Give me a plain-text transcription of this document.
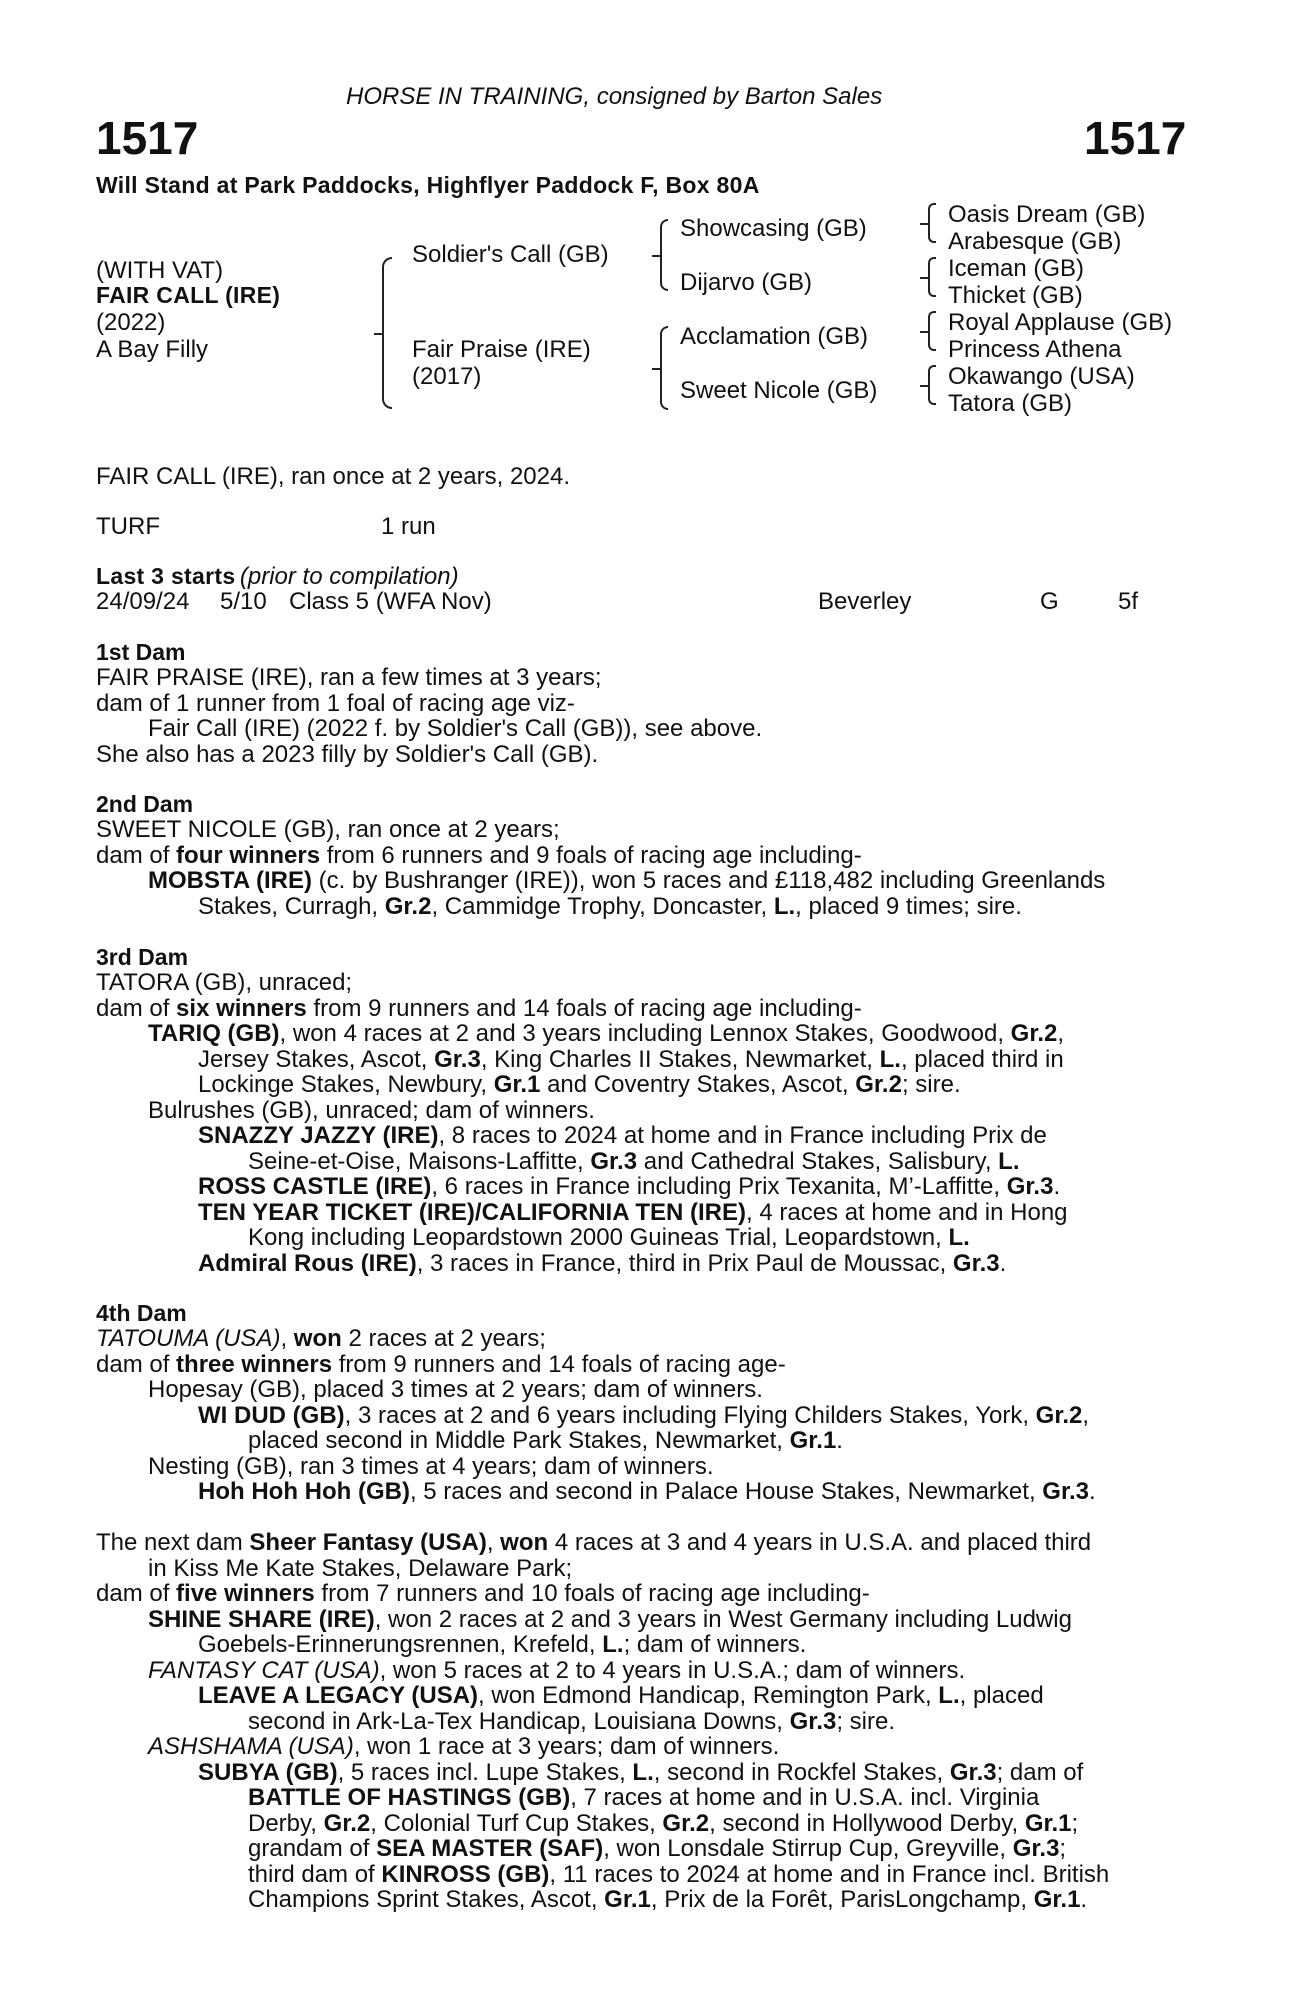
HORSE IN TRAINING, consigned by Barton Sales
1517	1517
Will Stand at Park Paddocks, Highflyer Paddock F, Box 80A
(WITH VAT)
FAIR CALL (IRE)
(2022)
A Bay Filly
Soldier's Call (GB)
Fair Praise (IRE)
(2017)
Showcasing (GB)
Dijarvo (GB)
Acclamation (GB)
Sweet Nicole (GB)
Oasis Dream (GB)
Arabesque (GB)
Iceman (GB)
Thicket (GB)
Royal Applause (GB)
Princess Athena
Okawango (USA)
Tatora (GB)
FAIR CALL (IRE), ran once at 2 years, 2024.
TURF	1 run
Last 3 starts (prior to compilation)
24/09/24 5/10 Class 5 (WFA Nov)	Beverley	G 5f
1st Dam
FAIR PRAISE (IRE), ran a few times at 3 years;
dam of 1 runner from 1 foal of racing age viz-
Fair Call (IRE) (2022 f. by Soldier's Call (GB)), see above.
She also has a 2023 filly by Soldier's Call (GB).
2nd Dam
SWEET NICOLE (GB), ran once at 2 years;
dam of four winners from 6 runners and 9 foals of racing age including-
MOBSTA (IRE) (c. by Bushranger (IRE)), won 5 races and £118,482 including Greenlands
Stakes, Curragh, Gr.2, Cammidge Trophy, Doncaster, L., placed 9 times; sire.
3rd Dam
TATORA (GB), unraced;
dam of six winners from 9 runners and 14 foals of racing age including-
TARIQ (GB), won 4 races at 2 and 3 years including Lennox Stakes, Goodwood, Gr.2,
Jersey Stakes, Ascot, Gr.3, King Charles II Stakes, Newmarket, L., placed third in
Lockinge Stakes, Newbury, Gr.1 and Coventry Stakes, Ascot, Gr.2; sire.
Bulrushes (GB), unraced; dam of winners.
SNAZZY JAZZY (IRE), 8 races to 2024 at home and in France including Prix de
Seine-et-Oise, Maisons-Laffitte, Gr.3 and Cathedral Stakes, Salisbury, L.
ROSS CASTLE (IRE), 6 races in France including Prix Texanita, M’-Laffitte, Gr.3.
TEN YEAR TICKET (IRE)/CALIFORNIA TEN (IRE), 4 races at home and in Hong
Kong including Leopardstown 2000 Guineas Trial, Leopardstown, L.
Admiral Rous (IRE), 3 races in France, third in Prix Paul de Moussac, Gr.3.
4th Dam
TATOUMA (USA), won 2 races at 2 years;
dam of three winners from 9 runners and 14 foals of racing age-
Hopesay (GB), placed 3 times at 2 years; dam of winners.
WI DUD (GB), 3 races at 2 and 6 years including Flying Childers Stakes, York, Gr.2,
placed second in Middle Park Stakes, Newmarket, Gr.1.
Nesting (GB), ran 3 times at 4 years; dam of winners.
Hoh Hoh Hoh (GB), 5 races and second in Palace House Stakes, Newmarket, Gr.3.
The next dam Sheer Fantasy (USA), won 4 races at 3 and 4 years in U.S.A. and placed third
in Kiss Me Kate Stakes, Delaware Park;
dam of five winners from 7 runners and 10 foals of racing age including-
SHINE SHARE (IRE), won 2 races at 2 and 3 years in West Germany including Ludwig
Goebels-Erinnerungsrennen, Krefeld, L.; dam of winners.
FANTASY CAT (USA), won 5 races at 2 to 4 years in U.S.A.; dam of winners.
LEAVE A LEGACY (USA), won Edmond Handicap, Remington Park, L., placed
second in Ark-La-Tex Handicap, Louisiana Downs, Gr.3; sire.
ASHSHAMA (USA), won 1 race at 3 years; dam of winners.
SUBYA (GB), 5 races incl. Lupe Stakes, L., second in Rockfel Stakes, Gr.3; dam of
BATTLE OF HASTINGS (GB), 7 races at home and in U.S.A. incl. Virginia
Derby, Gr.2, Colonial Turf Cup Stakes, Gr.2, second in Hollywood Derby, Gr.1;
grandam of SEA MASTER (SAF), won Lonsdale Stirrup Cup, Greyville, Gr.3;
third dam of KINROSS (GB), 11 races to 2024 at home and in France incl. British
Champions Sprint Stakes, Ascot, Gr.1, Prix de la Forêt, ParisLongchamp, Gr.1.
